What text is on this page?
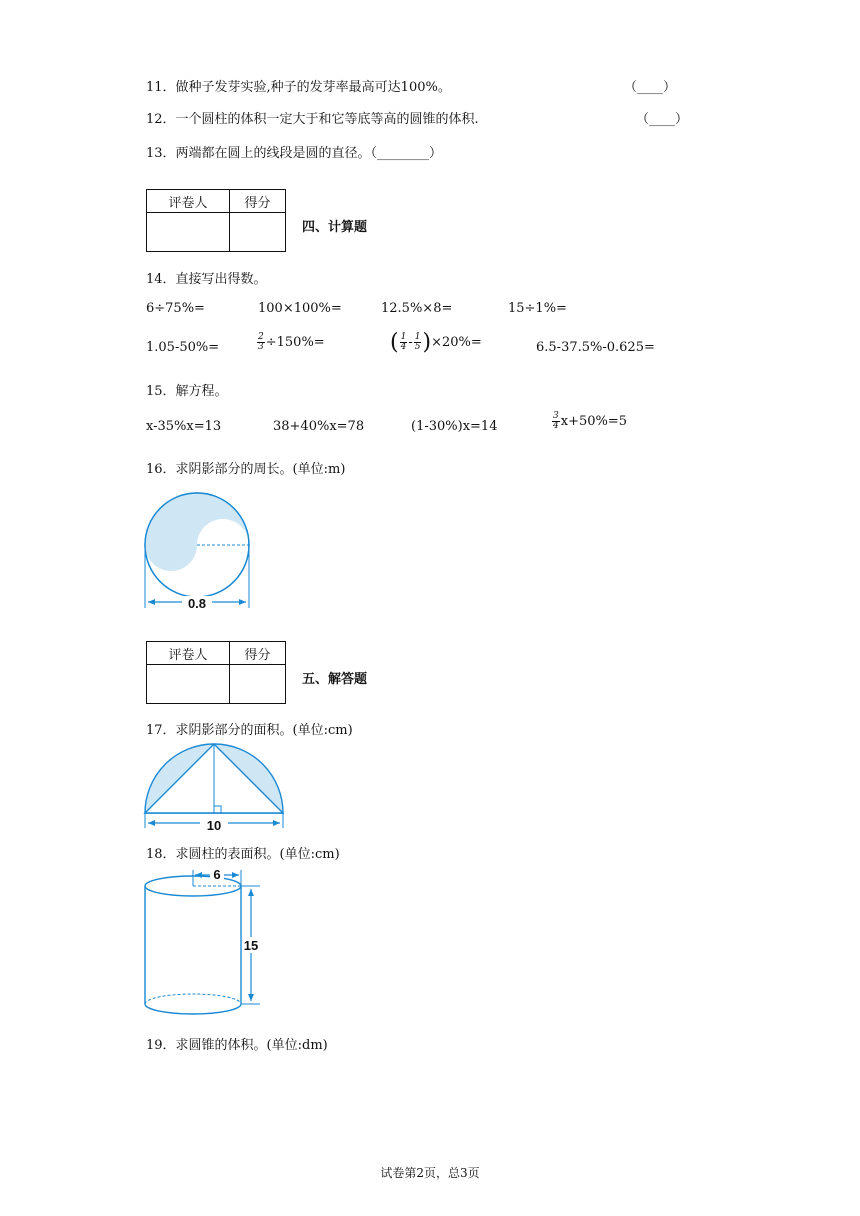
11．做种子发芽实验,种子的发芽率最高可达100%。	（____）
12．一个圆柱的体积一定大于和它等底等高的圆锥的体积.	（____）
13．两端都在圆上的线段是圆的直径。（________）
评卷人	得分

四、计算题
14．直接写出得数。
6÷75%=	100×100%=	12.5%×8=	15÷1%=
1.05-50%=	$\frac{2}{3} \div 150\%=$	( $\frac{1}{4} - \frac{1}{5} )\times 20\%=$	6.5-37.5%-0.625=
15．解方程。
x-35%x=13	38+40%x=78	(1-30%)x=14	$\frac{3}{4} x+50\%=5$
16．求阴影部分的周长。(单位:m)
0.8
评卷人	得分

五、解答题
17．求阴影部分的面积。(单位:cm)
10
18．求圆柱的表面积。(单位:cm)
6
15
19．求圆锥的体积。(单位:dm)
试卷第2页，总3页
